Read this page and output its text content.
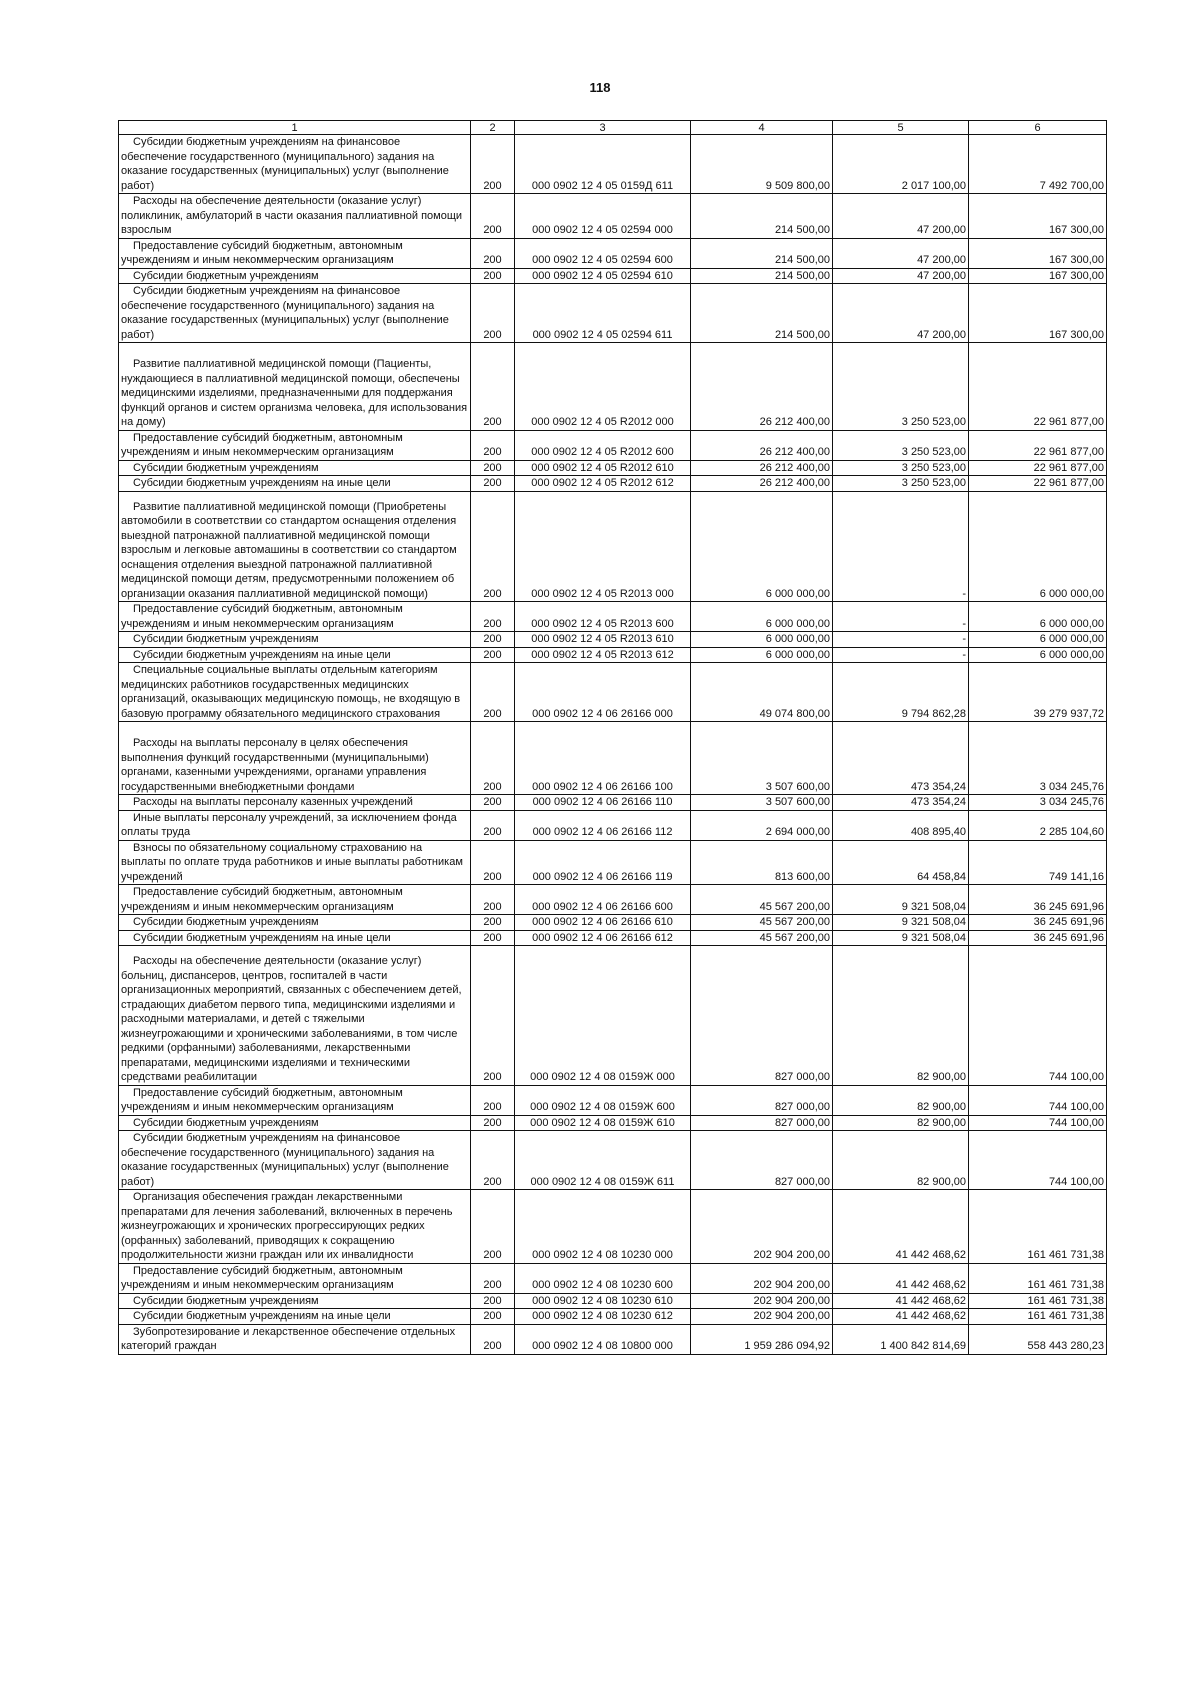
118
1	2	3	4	5	6

Субсидии бюджетным учреждениям на финансовое обеспечение государственного (муниципального) задания на оказание государственных (муниципальных) услуг (выполнение работ)	200	000 0902 12 4 05 0159Д 611	9 509 800,00	2 017 100,00	7 492 700,00

Расходы на обеспечение деятельности (оказание услуг) поликлиник, амбулаторий в части оказания паллиативной помощи взрослым	200	000 0902 12 4 05 02594 000	214 500,00	47 200,00	167 300,00

Предоставление субсидий бюджетным, автономным учреждениям и иным некоммерческим организациям	200	000 0902 12 4 05 02594 600	214 500,00	47 200,00	167 300,00

Субсидии бюджетным учреждениям	200	000 0902 12 4 05 02594 610	214 500,00	47 200,00	167 300,00

Субсидии бюджетным учреждениям на финансовое обеспечение государственного (муниципального) задания на оказание государственных (муниципальных) услуг (выполнение работ)	200	000 0902 12 4 05 02594 611	214 500,00	47 200,00	167 300,00

Развитие паллиативной медицинской помощи (Пациенты, нуждающиеся в паллиативной медицинской помощи, обеспечены медицинскими изделиями, предназначенными для поддержания функций органов и систем организма человека, для использования на дому)	200	000 0902 12 4 05 R2012 000	26 212 400,00	3 250 523,00	22 961 877,00

Предоставление субсидий бюджетным, автономным учреждениям и иным некоммерческим организациям	200	000 0902 12 4 05 R2012 600	26 212 400,00	3 250 523,00	22 961 877,00

Субсидии бюджетным учреждениям	200	000 0902 12 4 05 R2012 610	26 212 400,00	3 250 523,00	22 961 877,00

Субсидии бюджетным учреждениям на иные цели	200	000 0902 12 4 05 R2012 612	26 212 400,00	3 250 523,00	22 961 877,00

Развитие паллиативной медицинской помощи (Приобретены автомобили в соответствии со стандартом оснащения отделения выездной патронажной паллиативной медицинской помощи взрослым и легковые автомашины в соответствии со стандартом оснащения отделения выездной патронажной паллиативной медицинской помощи детям, предусмотренными положением об организации оказания паллиативной медицинской помощи)	200	000 0902 12 4 05 R2013 000	6 000 000,00	-	6 000 000,00

Предоставление субсидий бюджетным, автономным учреждениям и иным некоммерческим организациям	200	000 0902 12 4 05 R2013 600	6 000 000,00	-	6 000 000,00

Субсидии бюджетным учреждениям	200	000 0902 12 4 05 R2013 610	6 000 000,00	-	6 000 000,00

Субсидии бюджетным учреждениям на иные цели	200	000 0902 12 4 05 R2013 612	6 000 000,00	-	6 000 000,00

Специальные социальные выплаты отдельным категориям медицинских работников государственных медицинских организаций, оказывающих медицинскую помощь, не входящую в базовую программу обязательного медицинского страхования	200	000 0902 12 4 06 26166 000	49 074 800,00	9 794 862,28	39 279 937,72

Расходы на выплаты персоналу в целях обеспечения выполнения функций государственными (муниципальными) органами, казенными учреждениями, органами управления государственными внебюджетными фондами	200	000 0902 12 4 06 26166 100	3 507 600,00	473 354,24	3 034 245,76

Расходы на выплаты персоналу казенных учреждений	200	000 0902 12 4 06 26166 110	3 507 600,00	473 354,24	3 034 245,76

Иные выплаты персоналу учреждений, за исключением фонда оплаты труда	200	000 0902 12 4 06 26166 112	2 694 000,00	408 895,40	2 285 104,60

Взносы по обязательному социальному страхованию на выплаты по оплате труда работников и иные выплаты работникам учреждений	200	000 0902 12 4 06 26166 119	813 600,00	64 458,84	749 141,16

Предоставление субсидий бюджетным, автономным учреждениям и иным некоммерческим организациям	200	000 0902 12 4 06 26166 600	45 567 200,00	9 321 508,04	36 245 691,96

Субсидии бюджетным учреждениям	200	000 0902 12 4 06 26166 610	45 567 200,00	9 321 508,04	36 245 691,96

Субсидии бюджетным учреждениям на иные цели	200	000 0902 12 4 06 26166 612	45 567 200,00	9 321 508,04	36 245 691,96

Расходы на обеспечение деятельности (оказание услуг) больниц, диспансеров, центров, госпиталей в части организационных мероприятий, связанных с обеспечением детей, страдающих диабетом первого типа, медицинскими изделиями и расходными материалами, и детей с тяжелыми жизнеугрожающими и хроническими заболеваниями, в том числе редкими (орфанными) заболеваниями, лекарственными препаратами, медицинскими изделиями и техническими средствами реабилитации	200	000 0902 12 4 08 0159Ж 000	827 000,00	82 900,00	744 100,00

Предоставление субсидий бюджетным, автономным учреждениям и иным некоммерческим организациям	200	000 0902 12 4 08 0159Ж 600	827 000,00	82 900,00	744 100,00

Субсидии бюджетным учреждениям	200	000 0902 12 4 08 0159Ж 610	827 000,00	82 900,00	744 100,00

Субсидии бюджетным учреждениям на финансовое обеспечение государственного (муниципального) задания на оказание государственных (муниципальных) услуг (выполнение работ)	200	000 0902 12 4 08 0159Ж 611	827 000,00	82 900,00	744 100,00

Организация обеспечения граждан лекарственными препаратами для лечения заболеваний, включенных в перечень жизнеугрожающих и хронических прогрессирующих редких (орфанных) заболеваний, приводящих к сокращению продолжительности жизни граждан или их инвалидности	200	000 0902 12 4 08 10230 000	202 904 200,00	41 442 468,62	161 461 731,38

Предоставление субсидий бюджетным, автономным учреждениям и иным некоммерческим организациям	200	000 0902 12 4 08 10230 600	202 904 200,00	41 442 468,62	161 461 731,38

Субсидии бюджетным учреждениям	200	000 0902 12 4 08 10230 610	202 904 200,00	41 442 468,62	161 461 731,38

Субсидии бюджетным учреждениям на иные цели	200	000 0902 12 4 08 10230 612	202 904 200,00	41 442 468,62	161 461 731,38

Зубопротезирование и лекарственное обеспечение отдельных категорий граждан	200	000 0902 12 4 08 10800 000	1 959 286 094,92	1 400 842 814,69	558 443 280,23
